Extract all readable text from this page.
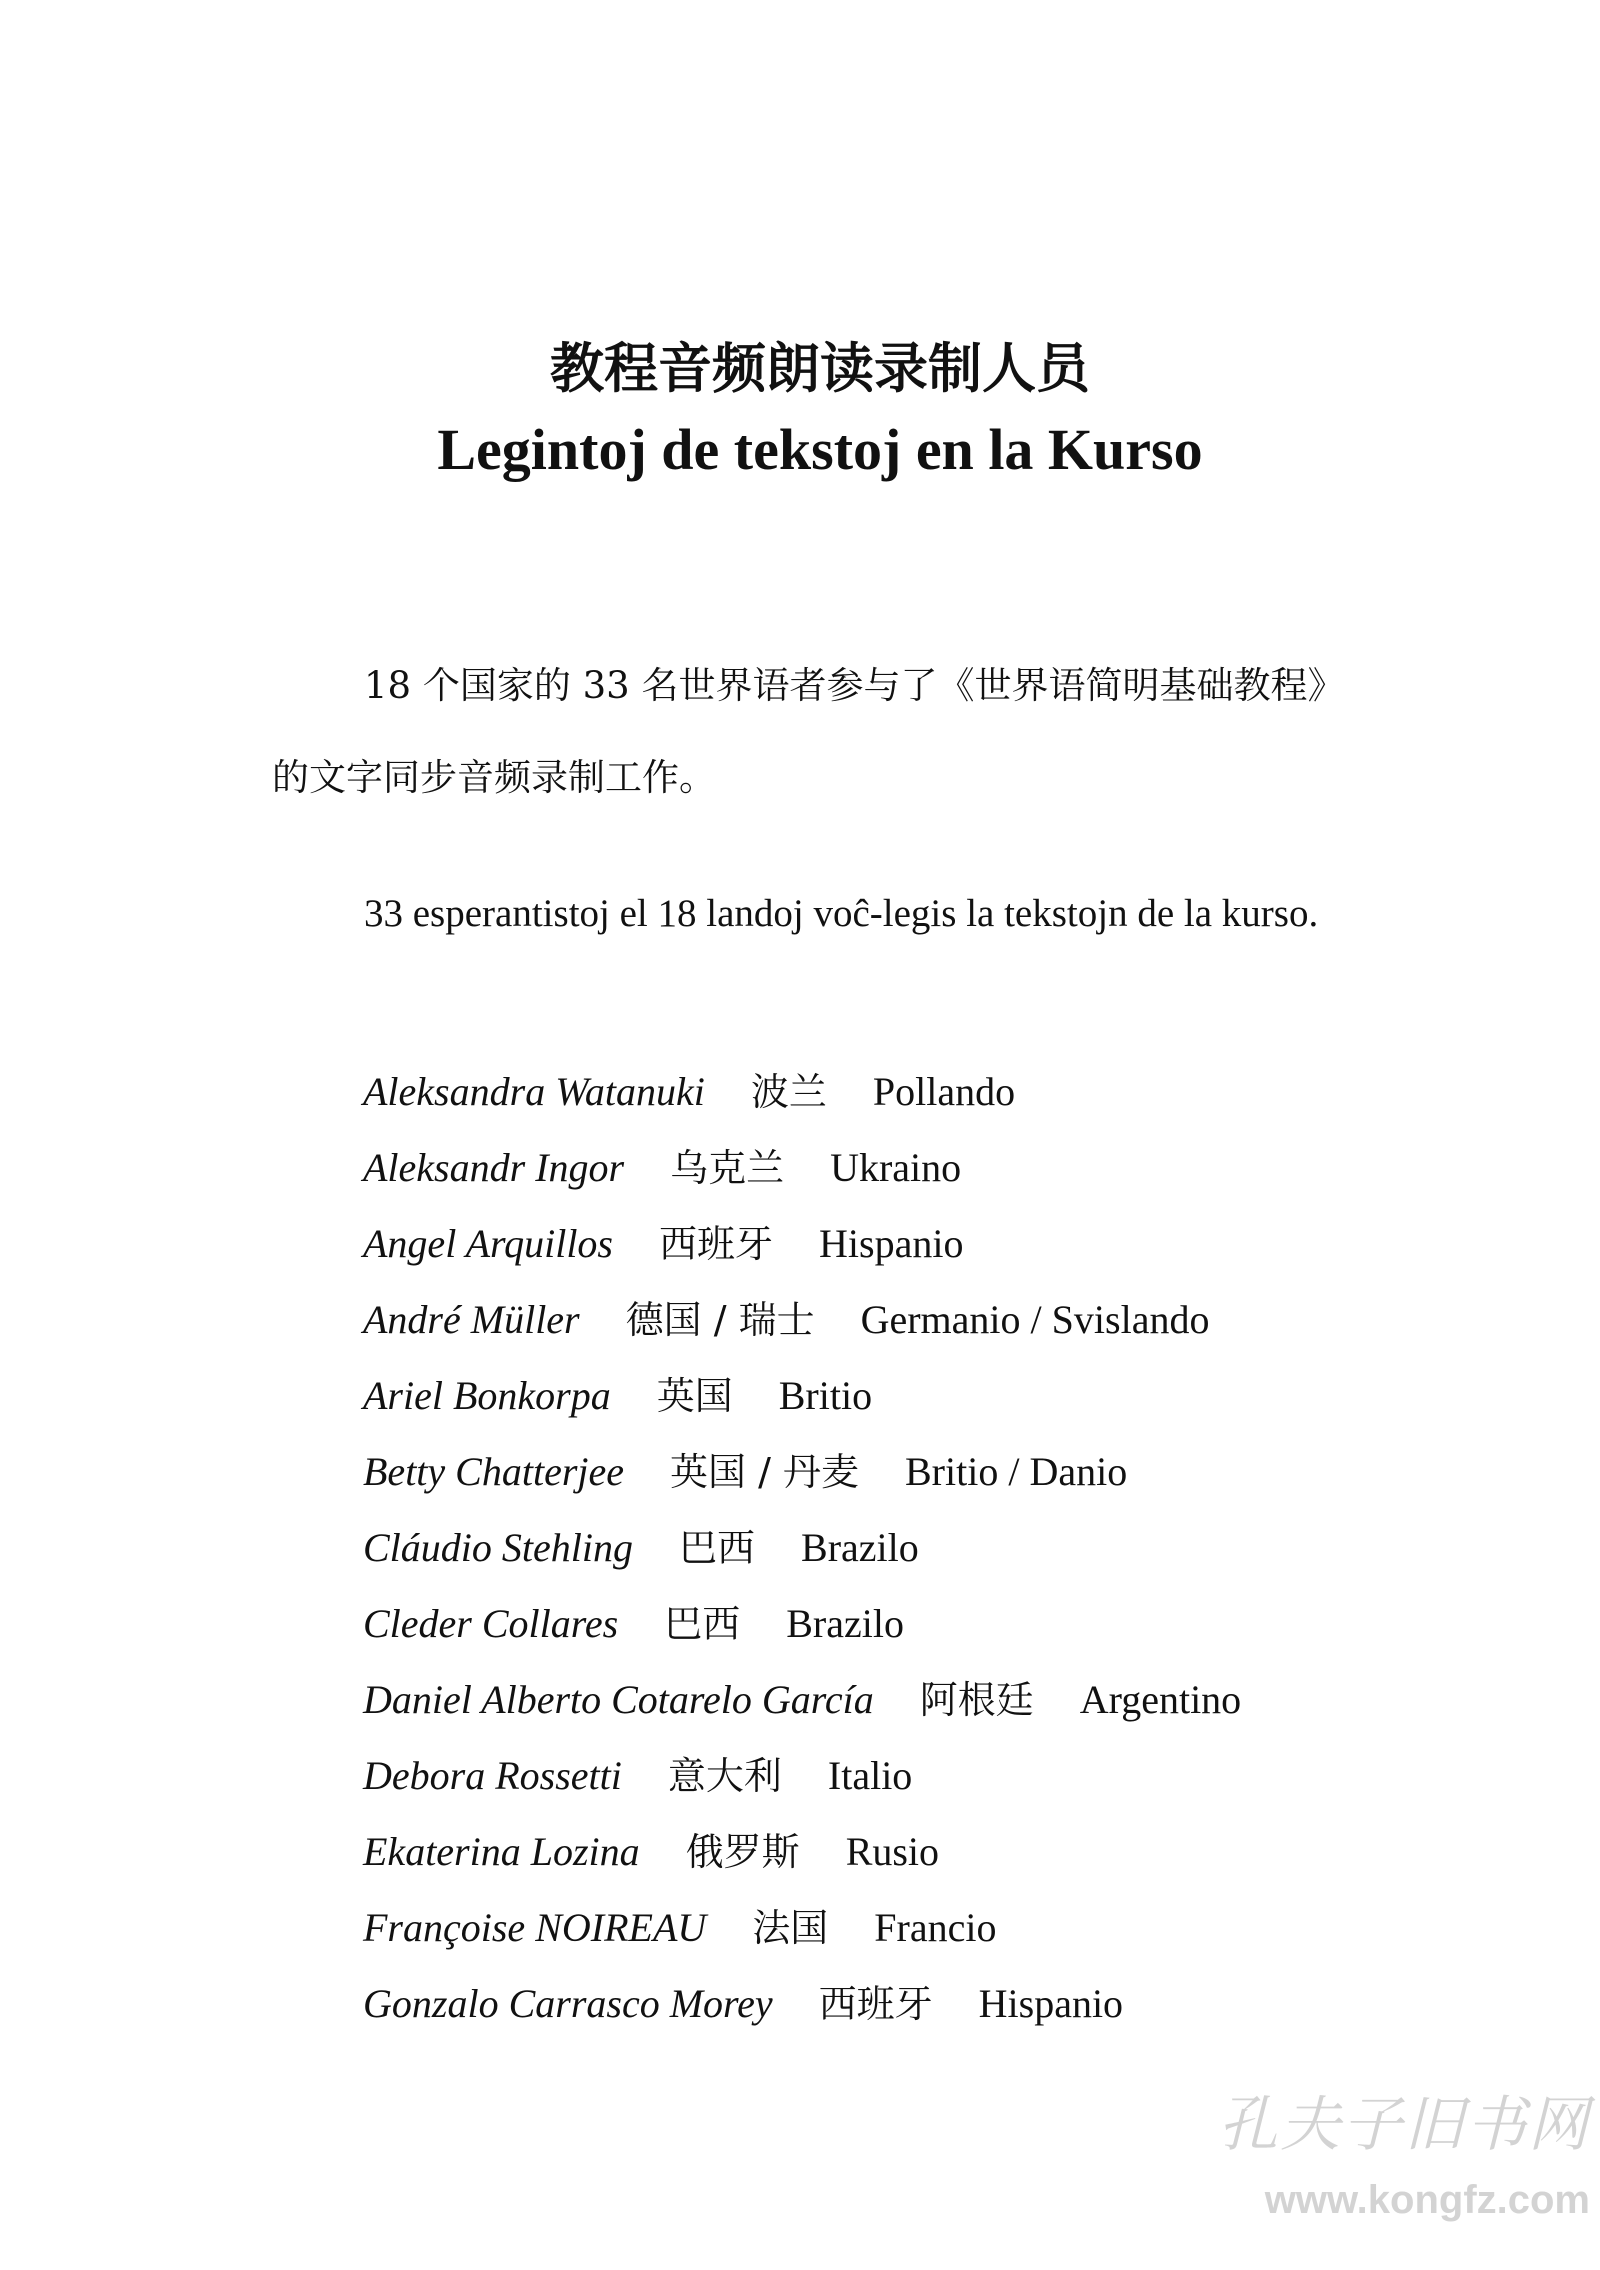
教程音频朗读录制人员
Legintoj de tekstoj en la Kurso
18 个国家的 33 名世界语者参与了《世界语简明基础教程》的文字同步音频录制工作。
33 esperantistoj el 18 landoj voĉ-legis la tekstojn de la kurso.
Aleksandra Watanuki 波兰 Pollando
Aleksandr Ingor 乌克兰 Ukraino
Angel Arquillos 西班牙 Hispanio
André Müller 德国 / 瑞士 Germanio / Svislando
Ariel Bonkorpa 英国 Britio
Betty Chatterjee 英国 / 丹麦 Britio / Danio
Cláudio Stehling 巴西 Brazilo
Cleder Collares 巴西 Brazilo
Daniel Alberto Cotarelo García 阿根廷 Argentino
Debora Rossetti 意大利 Italio
Ekaterina Lozina 俄罗斯 Rusio
Françoise NOIREAU 法国 Francio
Gonzalo Carrasco Morey 西班牙 Hispanio
孔夫子旧书网
www.kongfz.com
